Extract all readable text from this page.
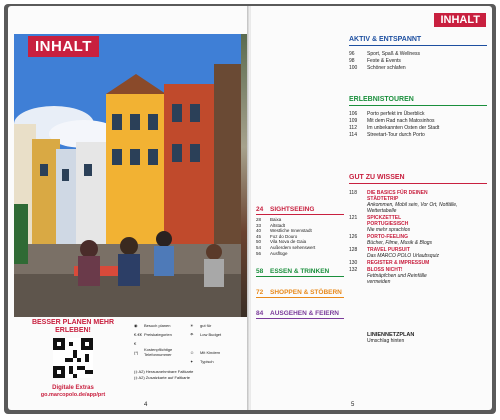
INHALT
4
BESSER PLANEN MEHR ERLEBEN!
Digitale Extras
go.marcopolo.de/app/prt
◉	Besuch planen	☀	gut für
€-€€€
Preiskategorien	☂	Low Budget
(*)
Kostenpflichtige Telefonnummer	☺	Mit Kindern
✦	Typisch
(‡ A2) Herausnehmbare Faltkarte
(‡ A2) Zusatzkarte auf Faltkarte
INHALT
AKTIV & ENTSPANNT
96	Sport, Spaß & Wellness
98	Feste & Events
100	Schöner schlafen
ERLEBNISTOUREN
106	Porto perfekt im Überblick
109	Mit dem Rad nach Matosinhos
112	Im unbekannten Osten der Stadt
114	Streetart-Tour durch Porto
GUT ZU WISSEN
118	DIE BASICS FÜR DEINEN STÄDTETRIP
Ankommen, Mobil sein, Vor Ort, Notfälle, Wettertabelle
121	SPICKZETTEL PORTUGIESISCH
Nie mehr sprachlos
126	PORTO-FEELING
Bücher, Filme, Musik & Blogs
128	TRAVEL PURSUIT
Das MARCO POLO Urlaubsquiz
130	REGISTER & IMPRESSUM
132	BLOSS NICHT!
Fettnäpfchen und Reinfälle vermeiden
LINIENNETZPLAN
Umschlag hinten
5
24	SIGHTSEEING
28	Baixa
33	Altstadt
40	Westliche Innenstadt
45	Foz do Douro
50	Vila Nova de Gaia
54	Außerdem sehenswert
56	Ausflüge
58	ESSEN & TRINKEN
72	SHOPPEN & STÖBERN
84	AUSGEHEN & FEIERN
